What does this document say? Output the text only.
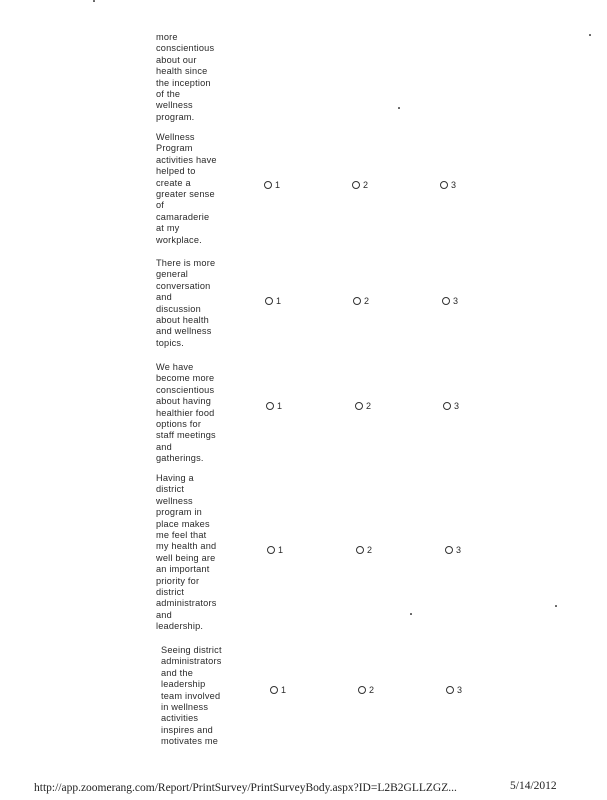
more
conscientious
about our
health since
the inception
of the
wellness
program.
Wellness
Program
activities have
helped to
create a
greater sense
of
camaraderie
at my
workplace.
1	2	3
There is more
general
conversation
and
discussion
about health
and wellness
topics.
1	2	3
We have
become more
conscientious
about having
healthier food
options for
staff meetings
and
gatherings.
1	2	3
Having a
district
wellness
program in
place makes
me feel that
my health and
well being are
an important
priority for
district
administrators
and
leadership.
1	2	3
Seeing district
administrators
and the
leadership
team involved
in wellness
activities
inspires and
motivates me
1	2	3
http://app.zoomerang.com/Report/PrintSurvey/PrintSurveyBody.aspx?ID=L2B2GLLZGZ...	5/14/2012
